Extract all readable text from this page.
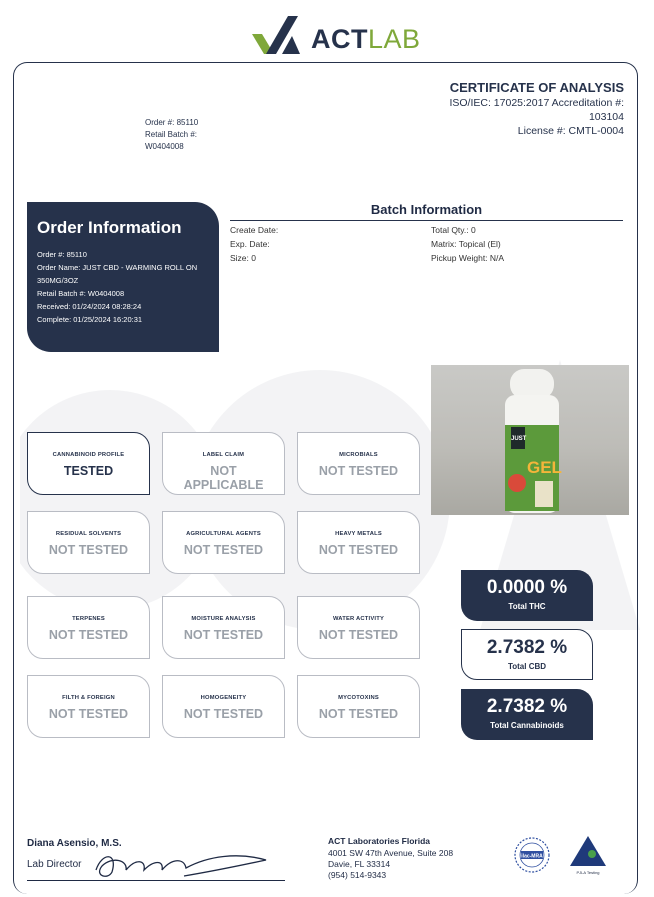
ACTLAB
CERTIFICATE OF ANALYSIS
ISO/IEC: 17025:2017 Accreditation #:
103104
License #: CMTL-0004
Order #: 85110
Retail Batch #:
W0404008
Order Information
Order #: 85110
Order Name: JUST CBD - WARMING ROLL ON
350MG/3OZ
Retail Batch #: W0404008
Received: 01/24/2024 08:28:24
Complete: 01/25/2024 16:20:31
Batch Information
Create Date:
Exp. Date:
Size: 0
Total Qty.: 0
Matrix: Topical (El)
Pickup Weight: N/A
JUST
GEL
CANNABINOID PROFILE
TESTED
LABEL CLAIM
NOT APPLICABLE
MICROBIALS
NOT TESTED
RESIDUAL SOLVENTS
NOT TESTED
AGRICULTURAL AGENTS
NOT TESTED
HEAVY METALS
NOT TESTED
TERPENES
NOT TESTED
MOISTURE ANALYSIS
NOT TESTED
WATER ACTIVITY
NOT TESTED
FILTH & FOREIGN
NOT TESTED
HOMOGENEITY
NOT TESTED
MYCOTOXINS
NOT TESTED
0.0000 %
Total THC
2.7382 %
Total CBD
2.7382 %
Total Cannabinoids
Diana Asensio, M.S.
Lab Director
ACT Laboratories Florida
4001 SW 47th Avenue, Suite 208
Davie, FL 33314
(954) 514-9343
ilac-MRA
PJLA Testing
